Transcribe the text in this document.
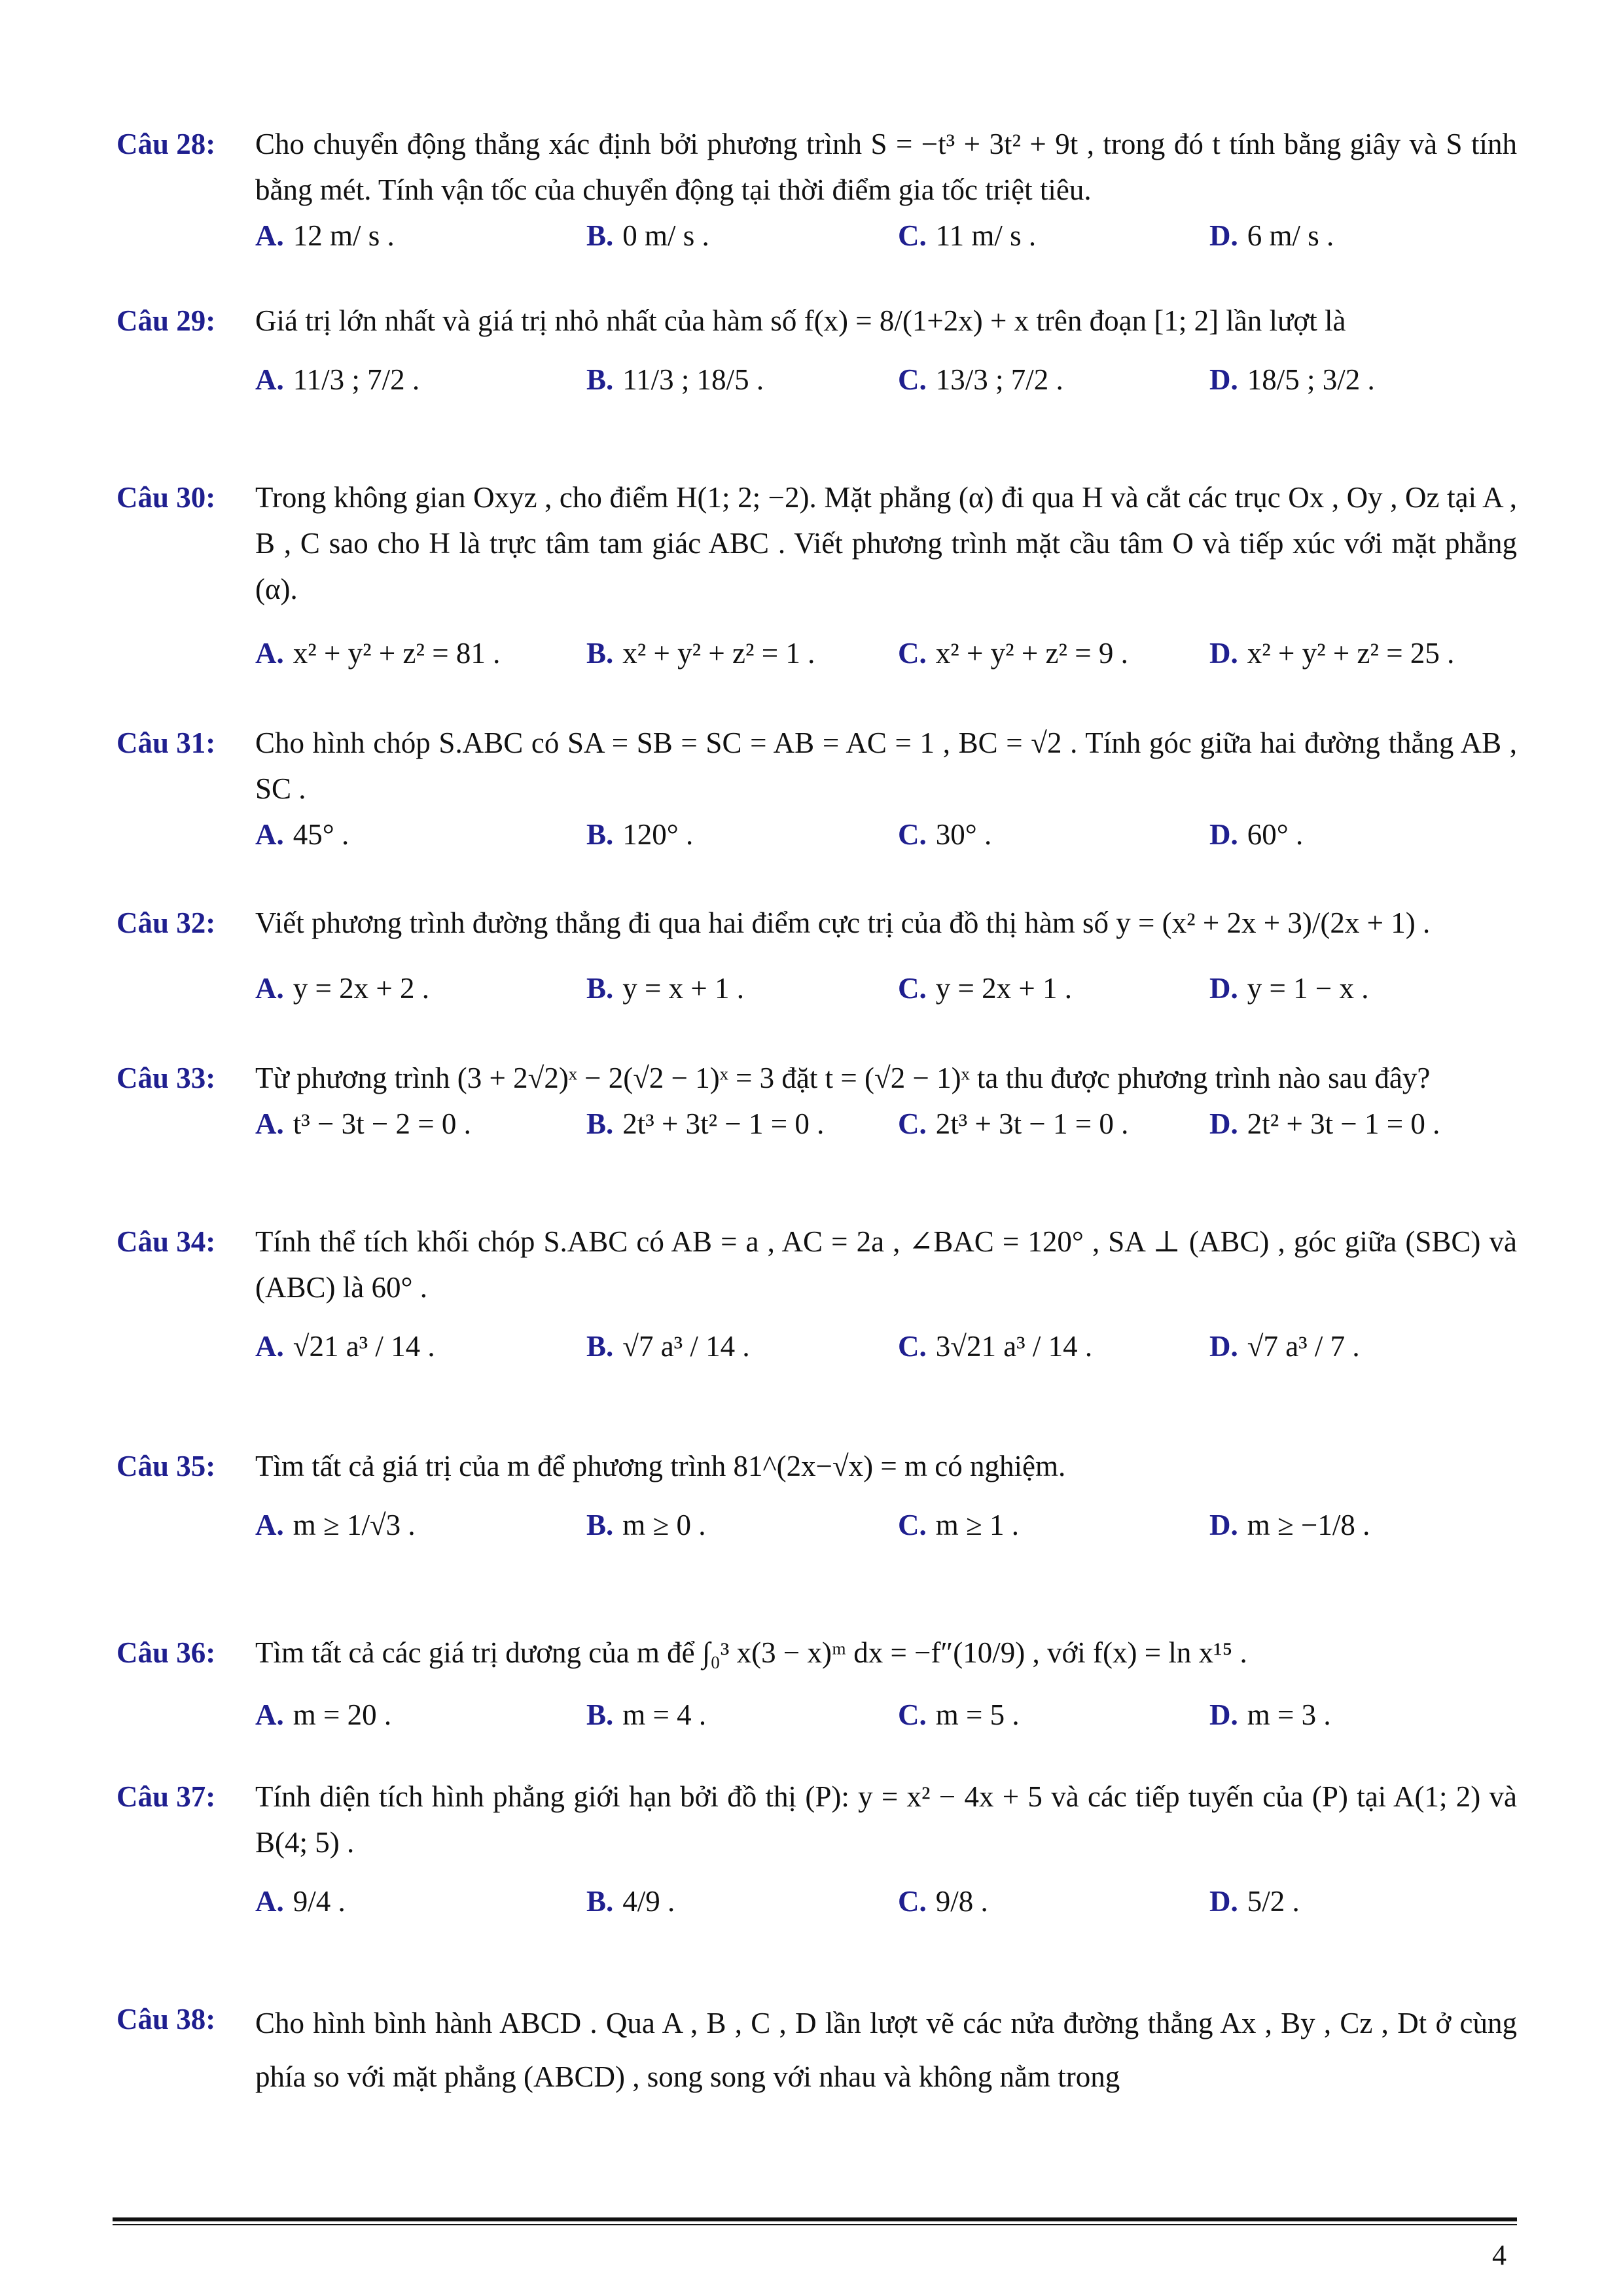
Câu 28: Cho chuyển động thẳng xác định bởi phương trình S = −t³ + 3t² + 9t , trong đó t tính bằng giây và S tính bằng mét. Tính vận tốc của chuyển động tại thời điểm gia tốc triệt tiêu.
A. 12 m/ s .	B. 0 m/ s .	C. 11 m/ s .	D. 6 m/ s .
Câu 29: Giá trị lớn nhất và giá trị nhỏ nhất của hàm số f(x) = 8/(1+2x) + x trên đoạn [1; 2] lần lượt là
A. 11/3 ; 7/2 .	B. 11/3 ; 18/5 .	C. 13/3 ; 7/2 .	D. 18/5 ; 3/2 .
Câu 30: Trong không gian Oxyz , cho điểm H(1; 2; −2). Mặt phẳng (α) đi qua H và cắt các trục Ox , Oy , Oz tại A , B , C sao cho H là trực tâm tam giác ABC . Viết phương trình mặt cầu tâm O và tiếp xúc với mặt phẳng (α).
A. x² + y² + z² = 81 .	B. x² + y² + z² = 1 .	C. x² + y² + z² = 9 .	D. x² + y² + z² = 25 .
Câu 31: Cho hình chóp S.ABC có SA = SB = SC = AB = AC = 1 , BC = √2 . Tính góc giữa hai đường thẳng AB , SC .
A. 45° .	B. 120° .	C. 30° .	D. 60° .
Câu 32: Viết phương trình đường thẳng đi qua hai điểm cực trị của đồ thị hàm số y = (x² + 2x + 3)/(2x + 1) .
A. y = 2x + 2 .	B. y = x + 1 .	C. y = 2x + 1 .	D. y = 1 − x .
Câu 33: Từ phương trình (3 + 2√2)ˣ − 2(√2 − 1)ˣ = 3 đặt t = (√2 − 1)ˣ ta thu được phương trình nào sau đây?
A. t³ − 3t − 2 = 0 .	B. 2t³ + 3t² − 1 = 0 .	C. 2t³ + 3t − 1 = 0 .	D. 2t² + 3t − 1 = 0 .
Câu 34: Tính thể tích khối chóp S.ABC có AB = a , AC = 2a , ∠BAC = 120° , SA ⊥ (ABC) , góc giữa (SBC) và (ABC) là 60° .
A. √21 a³ / 14 .	B. √7 a³ / 14 .	C. 3√21 a³ / 14 .	D. √7 a³ / 7 .
Câu 35: Tìm tất cả giá trị của m để phương trình 81^(2x−√x) = m có nghiệm.
A. m ≥ 1/√3 .	B. m ≥ 0 .	C. m ≥ 1 .	D. m ≥ −1/8 .
Câu 36: Tìm tất cả các giá trị dương của m để ∫₀³ x(3 − x)ᵐ dx = −f″(10/9) , với f(x) = ln x¹⁵ .
A. m = 20 .	B. m = 4 .	C. m = 5 .	D. m = 3 .
Câu 37: Tính diện tích hình phẳng giới hạn bởi đồ thị (P): y = x² − 4x + 5 và các tiếp tuyến của (P) tại A(1; 2) và B(4; 5) .
A. 9/4 .	B. 4/9 .	C. 9/8 .	D. 5/2 .
Câu 38: Cho hình bình hành ABCD . Qua A , B , C , D lần lượt vẽ các nửa đường thẳng Ax , By , Cz , Dt ở cùng phía so với mặt phẳng (ABCD) , song song với nhau và không nằm trong
4
